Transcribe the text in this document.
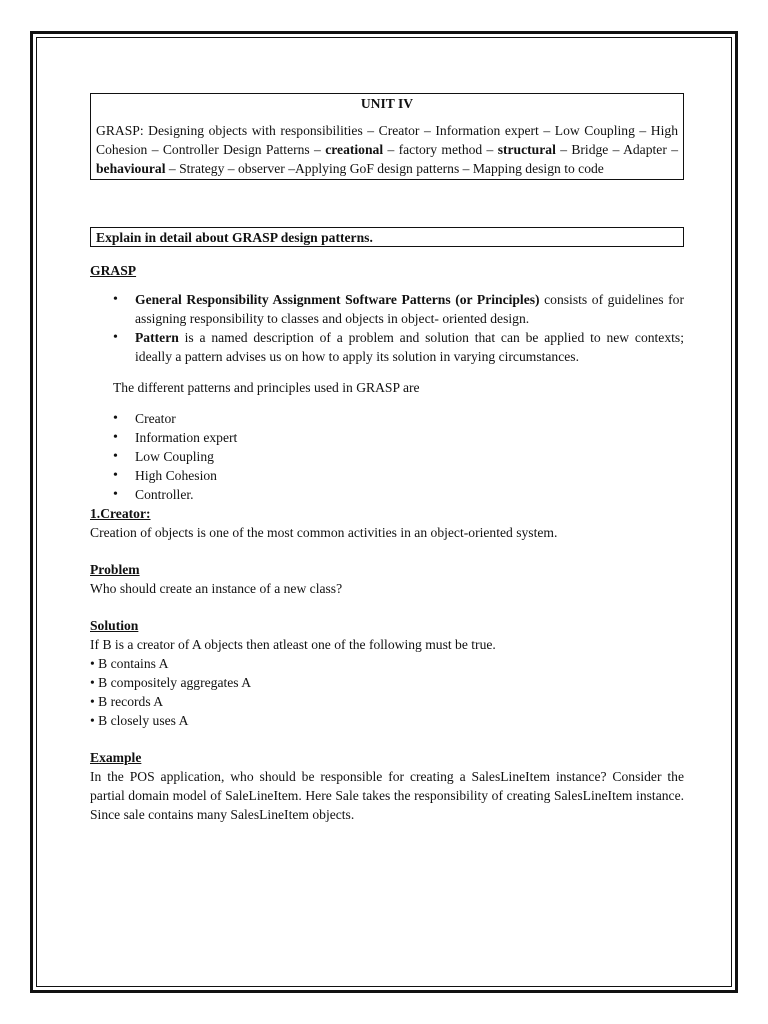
UNIT IV

GRASP: Designing objects with responsibilities – Creator – Information expert – Low Coupling – High Cohesion – Controller Design Patterns – creational – factory method – structural – Bridge – Adapter – behavioural – Strategy – observer –Applying GoF design patterns – Mapping design to code

Explain in detail about GRASP design patterns.

GRASP

• General Responsibility Assignment Software Patterns (or Principles) consists of guidelines for assigning responsibility to classes and objects in object- oriented design.

• Pattern is a named description of a problem and solution that can be applied to new contexts; ideally a pattern advises us on how to apply its solution in varying circumstances.

The different patterns and principles used in GRASP are

• Creator
• Information expert
• Low Coupling
• High Cohesion
• Controller.

1.Creator:

Creation of objects is one of the most common activities in an object-oriented system.

Problem

Who should create an instance of a new class?

Solution

If B is a creator of A objects then atleast one of the following must be true.

• B contains A
• B compositely aggregates A
• B records A
• B closely uses A

Example

In the POS application, who should be responsible for creating a SalesLineItem instance? Consider the partial domain model of SaleLineItem. Here Sale takes the responsibility of creating SalesLineItem instance. Since sale contains many SalesLineItem objects.
